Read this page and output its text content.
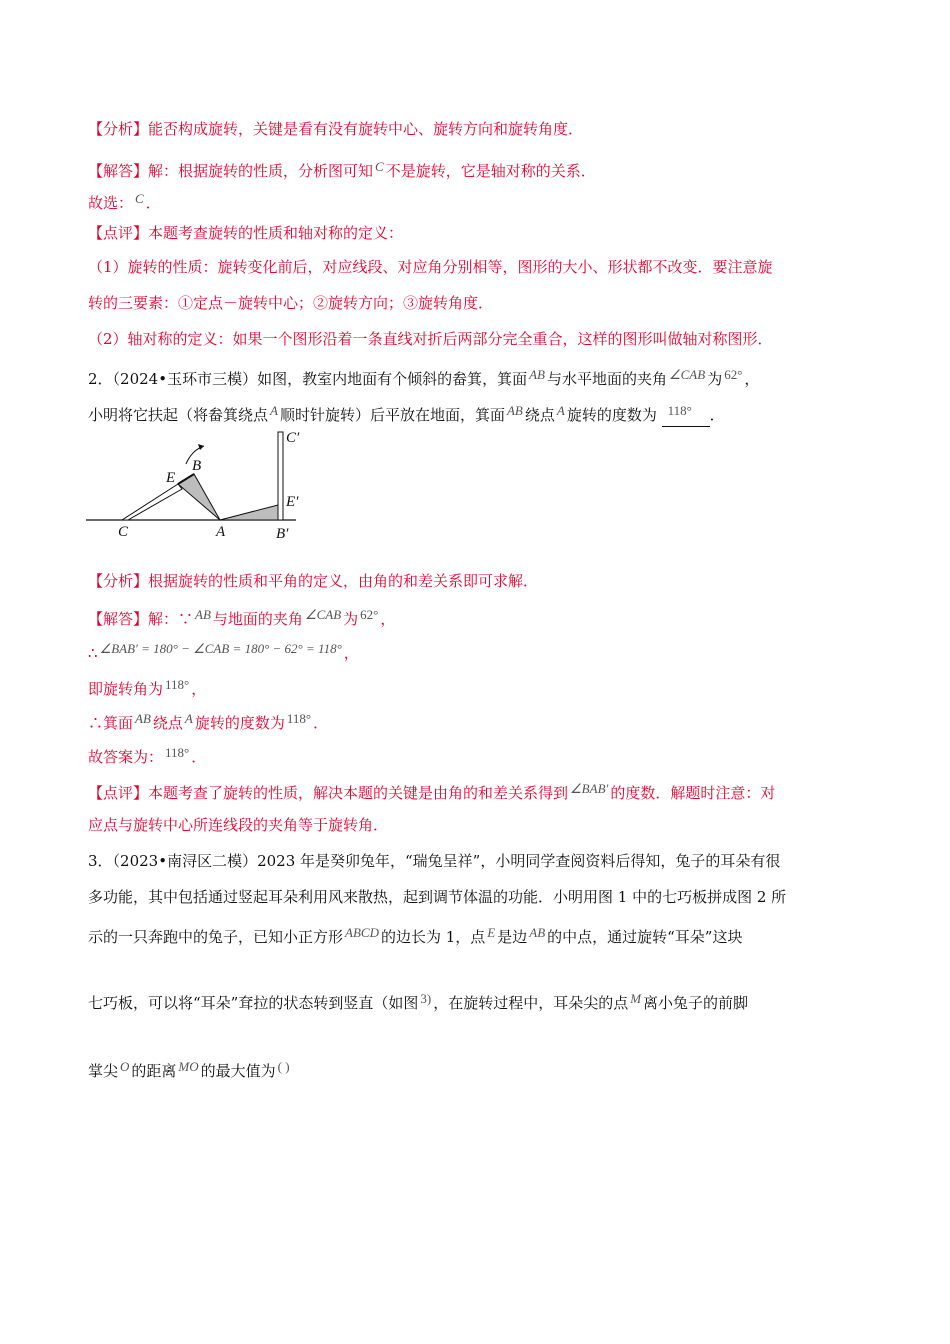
【分析】能否构成旋转，关键是看有没有旋转中心、旋转方向和旋转角度．
【解答】解：根据旋转的性质，分析图可知 C 不是旋转，它是轴对称的关系．
故选： C ．
【点评】本题考查旋转的性质和轴对称的定义：
（1）旋转的性质：旋转变化前后，对应线段、对应角分别相等，图形的大小、形状都不改变．要注意旋
转的三要素：①定点－旋转中心；②旋转方向；③旋转角度．
（2）轴对称的定义：如果一个图形沿着一条直线对折后两部分完全重合，这样的图形叫做轴对称图形．
2．（2024•玉环市三模）如图，教室内地面有个倾斜的畚箕，箕面 AB 与水平地面的夹角 ∠CAB 为 62° ，
小明将它扶起（将畚箕绕点 A 顺时针旋转）后平放在地面，箕面 AB 绕点 A 旋转的度数为 118° ．
C
E
B
A
C′
E′
B′
【分析】根据旋转的性质和平角的定义，由角的和差关系即可求解．
【解答】解：∵ AB 与地面的夹角 ∠CAB 为 62° ，
∴ ∠BAB′ = 180° − ∠CAB = 180° − 62° = 118° ，
即旋转角为 118° ，
∴箕面 AB 绕点 A 旋转的度数为 118° ．
故答案为： 118° ．
【点评】本题考查了旋转的性质，解决本题的关键是由角的和差关系得到 ∠BAB′ 的度数．解题时注意：对
应点与旋转中心所连线段的夹角等于旋转角．
3．（2023•南浔区二模）2023 年是癸卯兔年，“瑞兔呈祥”，小明同学查阅资料后得知，兔子的耳朵有很
多功能，其中包括通过竖起耳朵利用风来散热，起到调节体温的功能．小明用图 1 中的七巧板拼成图 2 所
示的一只奔跑中的兔子，已知小正方形 ABCD 的边长为 1，点 E 是边 AB 的中点，通过旋转“耳朵”这块
七巧板，可以将“耳朵”耷拉的状态转到竖直（如图 3) ，在旋转过程中，耳朵尖的点 M 离小兔子的前脚
掌尖 O 的距离 MO 的最大值为 ( )
